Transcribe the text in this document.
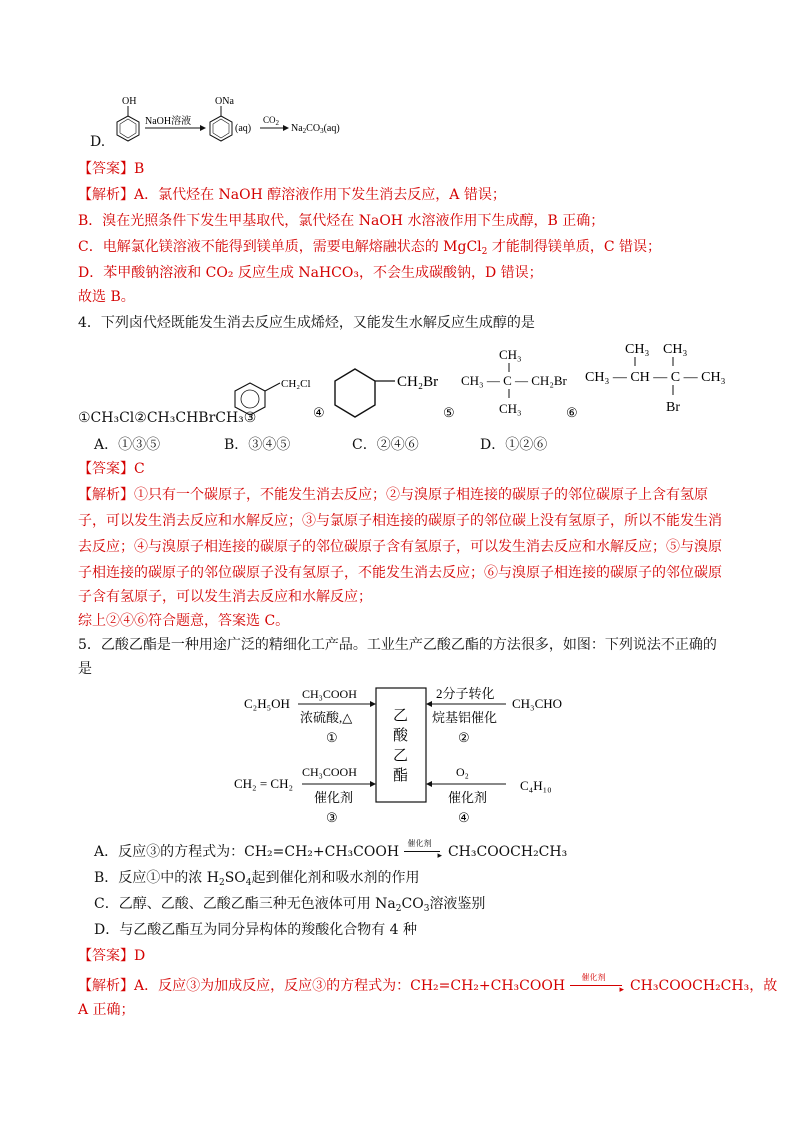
D.
OH
NaOH溶液
ONa
(aq)
$CO_2$ $Na_2CO_3(aq)$
【答案】B
【解析】A．氯代烃在 NaOH 醇溶液作用下发生消去反应，A 错误；
B．溴在光照条件下发生甲基取代，氯代烃在 NaOH 水溶液作用下生成醇，B 正确；
C．电解氯化镁溶液不能得到镁单质，需要电解熔融状态的 MgCl$_2$ 才能制得镁单质，C 错误；
D．苯甲酸钠溶液和 CO₂ 反应生成 NaHCO₃，不会生成碳酸钠，D 错误；
故选 B。
4．下列卤代烃既能发生消去反应生成烯烃，又能发生水解反应生成醇的是
①CH₃Cl②CH₃CHBrCH₃③
CH₂Cl
④
CH₂Br
⑤
CH₃
CH₃ — C — CH₂Br
CH₃	⑥
CH₃ CH₃
CH₃ — CH — C — CH₃
Br
A．①③⑤	B．③④⑤	C．②④⑥	D．①②⑥
【答案】C
【解析】①只有一个碳原子，不能发生消去反应；②与溴原子相连接的碳原子的邻位碳原子上含有氢原
子，可以发生消去反应和水解反应；③与氯原子相连接的碳原子的邻位碳上没有氢原子，所以不能发生消
去反应；④与溴原子相连接的碳原子的邻位碳原子含有氢原子，可以发生消去反应和水解反应；⑤与溴原
子相连接的碳原子的邻位碳原子没有氢原子，不能发生消去反应；⑥与溴原子相连接的碳原子的邻位碳原
子含有氢原子，可以发生消去反应和水解反应；
综上②④⑥符合题意，答案选 C。
5．乙酸乙酯是一种用途广泛的精细化工产品。工业生产乙酸乙酯的方法很多，如图：下列说法不正确的
是
乙
酸
乙
酯
C₂H₅OH
CH₃COOH
浓硫酸,△
①
CH₃CHO
2分子转化
烷基铝催化
②
CH₂ = CH₂
CH₃COOH
催化剂
③
C₄H₁₀
O₂
催化剂
④
A．反应③的方程式为：CH₂=CH₂+CH₃COOH
催化剂
▸ CH₃COOCH₂CH₃
B．反应①中的浓 $H_2SO_4$起到催化剂和吸水剂的作用
C．乙醇、乙酸、乙酸乙酯三种无色液体可用 $Na_2CO_3$溶液鉴别
D．与乙酸乙酯互为同分异构体的羧酸化合物有 4 种
【答案】D
【解析】A．反应③为加成反应，反应③的方程式为：CH₂=CH₂+CH₃COOH
催化剂
▸ CH₃COOCH₂CH₃，故
A 正确；
